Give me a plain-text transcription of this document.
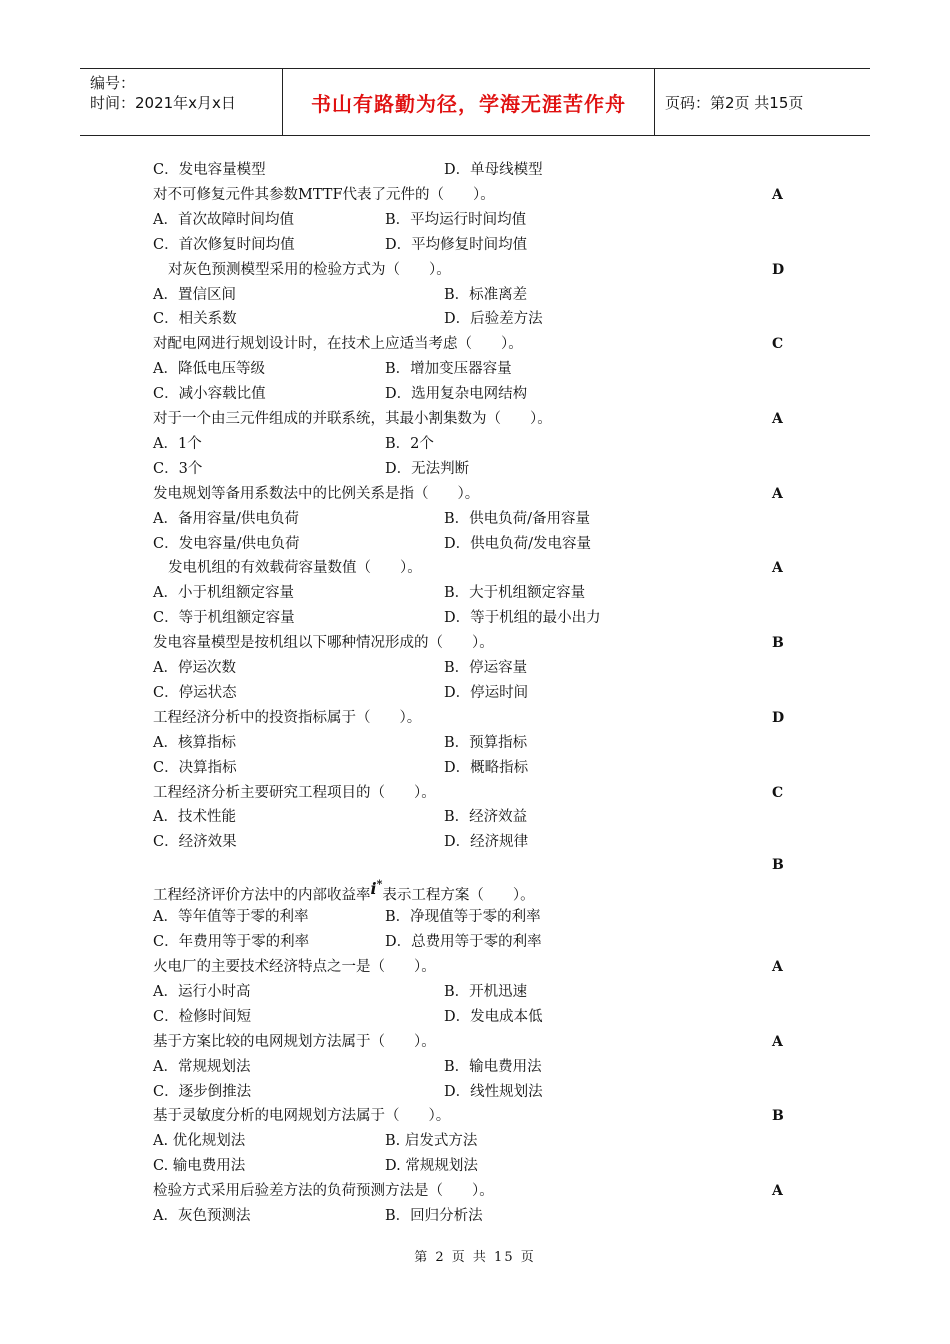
编号：
时间：2021年x月x日	书山有路勤为径，学海无涯苦作舟	页码：第2页 共15页
C．发电容量模型	D．单母线模型
对不可修复元件其参数MTTF代表了元件的（　　）。	A
A．首次故障时间均值	B．平均运行时间均值
C．首次修复时间均值	D．平均修复时间均值
对灰色预测模型采用的检验方式为（　　）。	D
A．置信区间	B．标准离差
C．相关系数	D．后验差方法
对配电网进行规划设计时，在技术上应适当考虑（　　）。	C
A．降低电压等级	B．增加变压器容量
C．减小容载比值	D．选用复杂电网结构
对于一个由三元件组成的并联系统，其最小割集数为（　　）。	A
A．1个	B．2个
C．3个	D．无法判断
发电规划等备用系数法中的比例关系是指（　　）。	A
A．备用容量/供电负荷	B．供电负荷/备用容量
C．发电容量/供电负荷	D．供电负荷/发电容量
发电机组的有效载荷容量数值（　　）。	A
A．小于机组额定容量	B．大于机组额定容量
C．等于机组额定容量	D．等于机组的最小出力
发电容量模型是按机组以下哪种情况形成的（　　）。	B
A．停运次数	B．停运容量
C．停运状态	D．停运时间
工程经济分析中的投资指标属于（　　）。	D
A．核算指标	B．预算指标
C．决算指标	D．概略指标
工程经济分析主要研究工程项目的（　　）。	C
A．技术性能	B．经济效益
C．经济效果	D．经济规律
工程经济评价方法中的内部收益率i*表示工程方案（　　）。
B
A．等年值等于零的利率	B．净现值等于零的利率
C．年费用等于零的利率	D．总费用等于零的利率
火电厂的主要技术经济特点之一是（　　）。	A
A．运行小时高	B．开机迅速
C．检修时间短	D．发电成本低
基于方案比较的电网规划方法属于（　　）。	A
A．常规规划法	B．输电费用法
C．逐步倒推法	D．线性规划法
基于灵敏度分析的电网规划方法属于（　　）。	B
A. 优化规划法	B. 启发式方法
C. 输电费用法	D. 常规规划法
检验方式采用后验差方法的负荷预测方法是（　　）。	A
A．灰色预测法	B．回归分析法
第 2 页 共 15 页
